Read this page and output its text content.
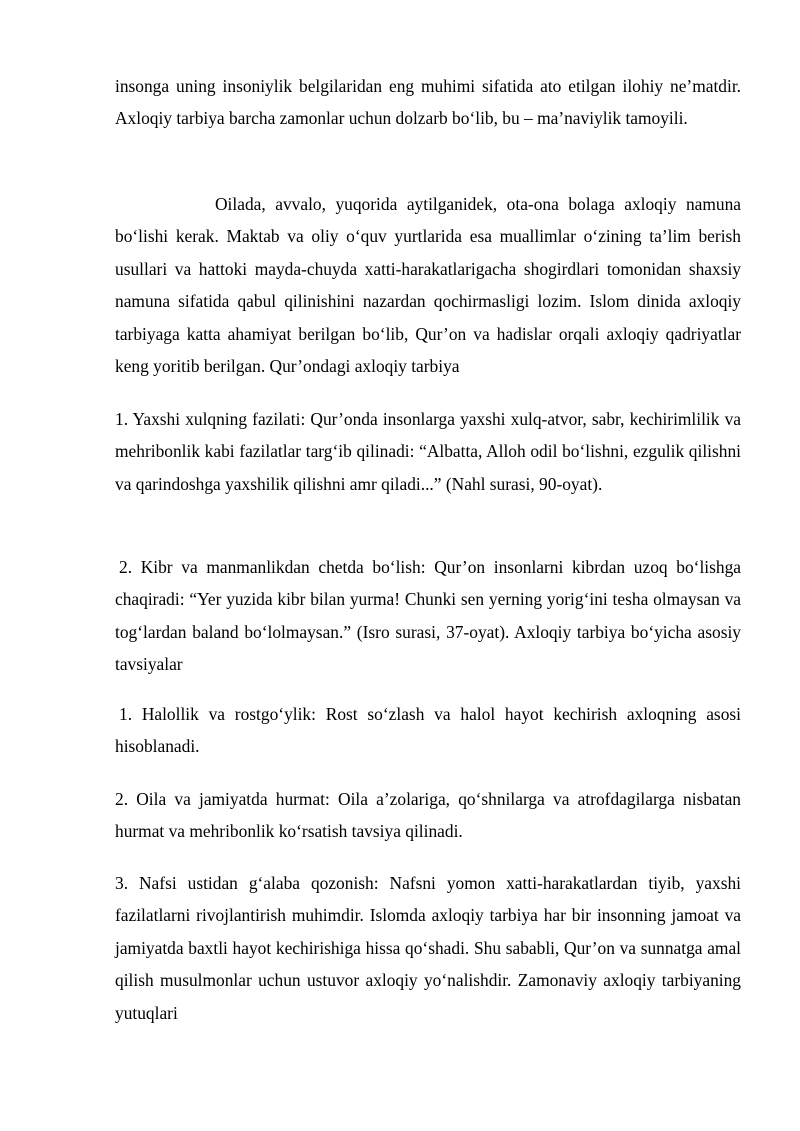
insonga uning insoniylik belgilaridan eng muhimi sifatida ato etilgan ilohiy ne’matdir. Axloqiy tarbiya barcha zamonlar uchun dolzarb bo‘lib, bu – ma’naviylik tamoyili.

Oilada, avvalo, yuqorida aytilganidek, ota-ona bolaga axloqiy namuna bo‘lishi kerak. Maktab va oliy o‘quv yurtlarida esa muallimlar o‘zining ta’lim berish usullari va hattoki mayda-chuyda xatti-harakatlarigacha shogirdlari tomonidan shaxsiy namuna sifatida qabul qilinishini nazardan qochirmasligi lozim. Islom dinida axloqiy tarbiyaga katta ahamiyat berilgan bo‘lib, Qur’on va hadislar orqali axloqiy qadriyatlar keng yoritib berilgan. Qur’ondagi axloqiy tarbiya

1. Yaxshi xulqning fazilati: Qur’onda insonlarga yaxshi xulq-atvor, sabr, kechirimlilik va mehribonlik kabi fazilatlar targ‘ib qilinadi: “Albatta, Alloh odil bo‘lishni, ezgulik qilishni va qarindoshga yaxshilik qilishni amr qiladi...” (Nahl surasi, 90-oyat).

2. Kibr va manmanlikdan chetda bo‘lish: Qur’on insonlarni kibrdan uzoq bo‘lishga chaqiradi: “Yer yuzida kibr bilan yurma! Chunki sen yerning yorig‘ini tesha olmaysan va tog‘lardan baland bo‘lolmaysan.” (Isro surasi, 37-oyat). Axloqiy tarbiya bo‘yicha asosiy tavsiyalar

1. Halollik va rostgo‘ylik: Rost so‘zlash va halol hayot kechirish axloqning asosi hisoblanadi.

2. Oila va jamiyatda hurmat: Oila a’zolariga, qo‘shnilarga va atrofdagilarga nisbatan hurmat va mehribonlik ko‘rsatish tavsiya qilinadi.

3. Nafsi ustidan g‘alaba qozonish: Nafsni yomon xatti-harakatlardan tiyib, yaxshi fazilatlarni rivojlantirish muhimdir. Islomda axloqiy tarbiya har bir insonning jamoat va jamiyatda baxtli hayot kechirishiga hissa qo‘shadi. Shu sababli, Qur’on va sunnatga amal qilish musulmonlar uchun ustuvor axloqiy yo‘nalishdir. Zamonaviy axloqiy tarbiyaning yutuqlari
